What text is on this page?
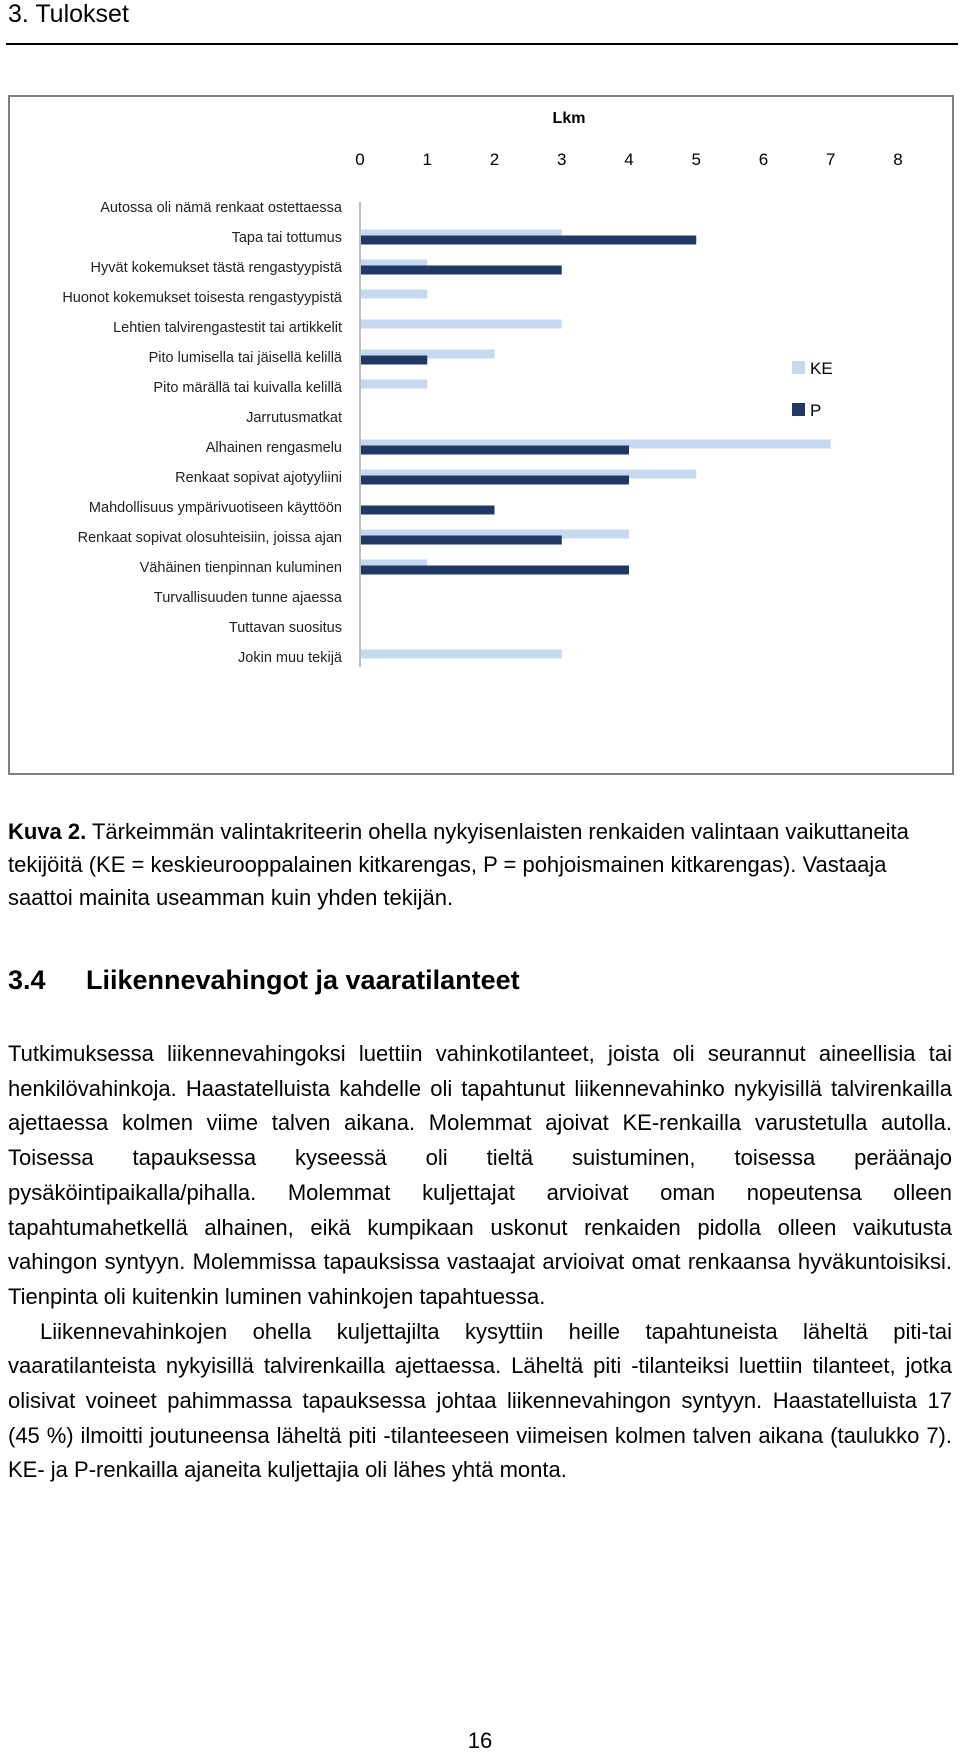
3. Tulokset
Lkm
0	1	2	3	4	5	6	7	8
Autossa oli nämä renkaat ostettaessa
Tapa tai tottumus
Hyvät kokemukset tästä rengastyypistä
Huonot kokemukset toisesta rengastyypistä
Lehtien talvirengastestit tai artikkelit
Pito lumisella tai jäisellä kelillä
Pito märällä tai kuivalla kelillä
Jarrutusmatkat
Alhainen rengasmelu
Renkaat sopivat ajotyyliini
Mahdollisuus ympärivuotiseen käyttöön
Renkaat sopivat olosuhteisiin, joissa ajan
Vähäinen tienpinnan kuluminen
Turvallisuuden tunne ajaessa
Tuttavan suositus
Jokin muu tekijä
KE
P
Kuva 2. Tärkeimmän valintakriteerin ohella nykyisenlaisten renkaiden valintaan vaikuttaneita tekijöitä (KE = keskieurooppalainen kitkarengas, P = pohjoismainen kitkarengas). Vastaaja saattoi mainita useamman kuin yhden tekijän.
3.4 Liikennevahingot ja vaaratilanteet

Tutkimuksessa liikennevahingoksi luettiin vahinkotilanteet, joista oli seurannut aineellisia tai henkilövahinkoja. Haastatelluista kahdelle oli tapahtunut liikennevahinko nykyisillä talvirenkailla ajettaessa kolmen viime talven aikana. Molemmat ajoivat KE-renkailla varustetulla autolla. Toisessa tapauksessa kyseessä oli tieltä suistuminen, toisessa peräänajo pysäköintipaikalla/pihalla. Molemmat kuljettajat arvioivat oman nopeutensa olleen tapahtumahetkellä alhainen, eikä kumpikaan uskonut renkaiden pidolla olleen vaikutusta vahingon syntyyn. Molemmissa tapauksissa vastaajat arvioivat omat renkaansa hyväkuntoisiksi. Tienpinta oli kuitenkin luminen vahinkojen tapahtuessa.

Liikennevahinkojen ohella kuljettajilta kysyttiin heille tapahtuneista läheltä piti-tai vaaratilanteista nykyisillä talvirenkailla ajettaessa. Läheltä piti -tilanteiksi luettiin tilanteet, jotka olisivat voineet pahimmassa tapauksessa johtaa liikennevahingon syntyyn. Haastatelluista 17 (45 %) ilmoitti joutuneensa läheltä piti -tilanteeseen viimeisen kolmen talven aikana (taulukko 7). KE- ja P-renkailla ajaneita kuljettajia oli lähes yhtä monta.

16
